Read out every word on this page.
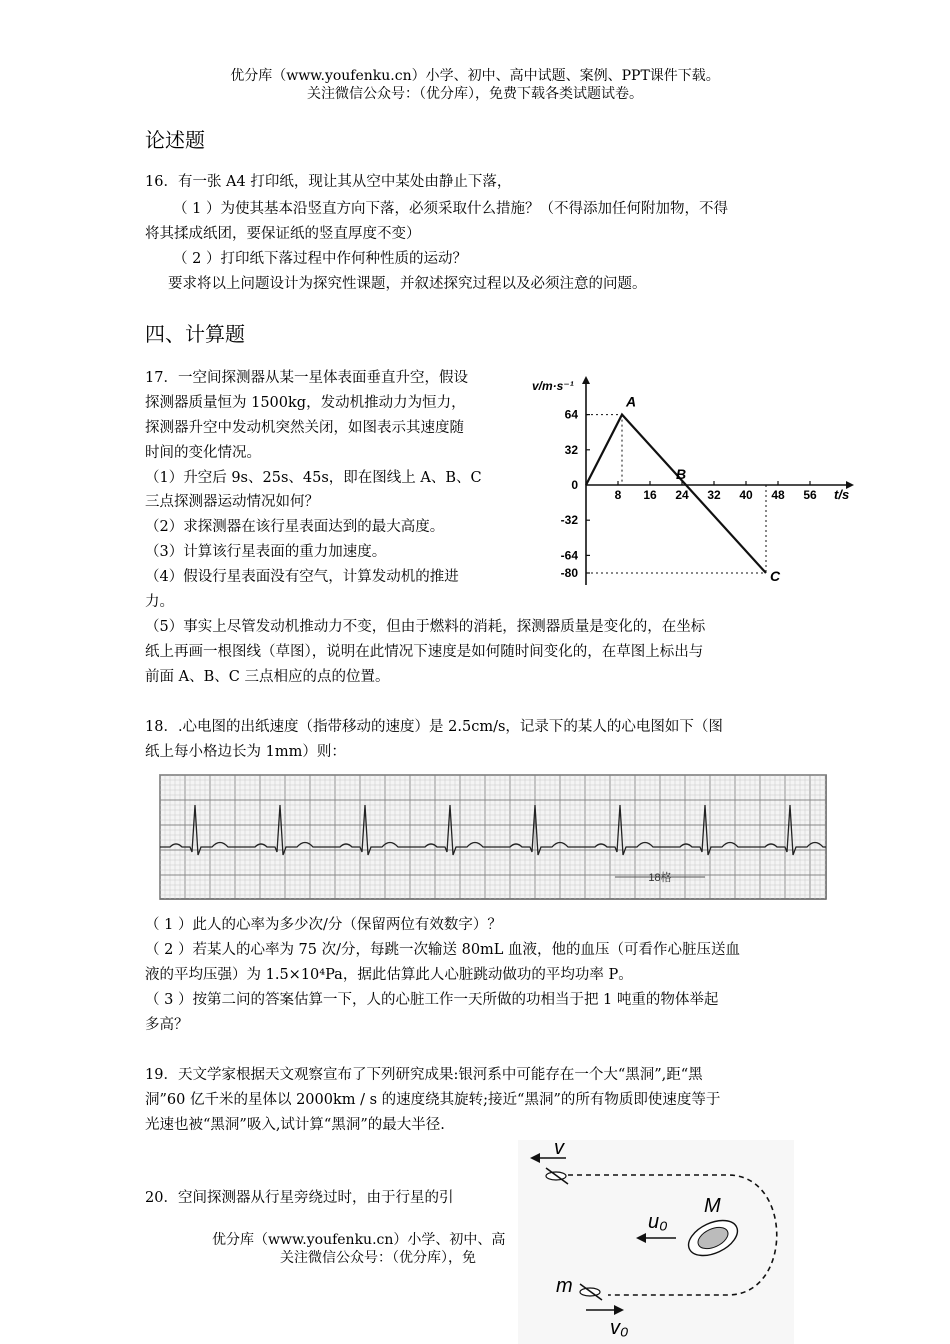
优分库（www.youfenku.cn）小学、初中、高中试题、案例、PPT课件下载。
关注微信公众号：（优分库），免费下载各类试题试卷。
论述题
16．有一张 A4 打印纸，现让其从空中某处由静止下落，
（ 1 ）为使其基本沿竖直方向下落，必须采取什么措施？（不得添加任何附加物，不得
将其揉成纸团，要保证纸的竖直厚度不变）
（ 2 ）打印纸下落过程中作何种性质的运动？
要求将以上问题设计为探究性课题，并叙述探究过程以及必须注意的问题。
四、计算题
17．一空间探测器从某一星体表面垂直升空，假设
探测器质量恒为 1500kg，发动机推动力为恒力，
探测器升空中发动机突然关闭，如图表示其速度随
时间的变化情况。
（1）升空后 9s、25s、45s，即在图线上 A、B、C
三点探测器运动情况如何？
（2）求探测器在该行星表面达到的最大高度。
（3）计算该行星表面的重力加速度。
（4）假设行星表面没有空气，计算发动机的推进
力。
（5）事实上尽管发动机推动力不变，但由于燃料的消耗，探测器质量是变化的，在坐标
纸上再画一根图线（草图），说明在此情况下速度是如何随时间变化的，在草图上标出与
前面 A、B、C 三点相应的点的位置。
64
32
0
-32
-64
-80
8 16 24 32 40 48 56
v/m·s⁻¹
t/s
A
B
C
18．.心电图的出纸速度（指带移动的速度）是 2.5cm/s，记录下的某人的心电图如下（图
纸上每小格边长为 1mm）则：
18格
（ 1 ）此人的心率为多少次/分（保留两位有效数字）？
（ 2 ）若某人的心率为 75 次/分，每跳一次输送 80mL 血液，他的血压（可看作心脏压送血
液的平均压强）为 1.5×10⁴Pa，据此估算此人心脏跳动做功的平均功率 P。
（ 3 ）按第二问的答案估算一下，人的心脏工作一天所做的功相当于把 1 吨重的物体举起
多高？
19．天文学家根据天文观察宣布了下列研究成果:银河系中可能存在一个大“黑洞”,距“黑
洞”60 亿千米的星体以 2000km / s 的速度绕其旋转;接近“黑洞”的所有物质即使速度等于
光速也被“黑洞”吸入,试计算“黑洞”的最大半径.
20．空间探测器从行星旁绕过时，由于行星的引
优分库（www.youfenku.cn）小学、初中、高
关注微信公众号：（优分库），免
v
M
u₀
m
v₀
